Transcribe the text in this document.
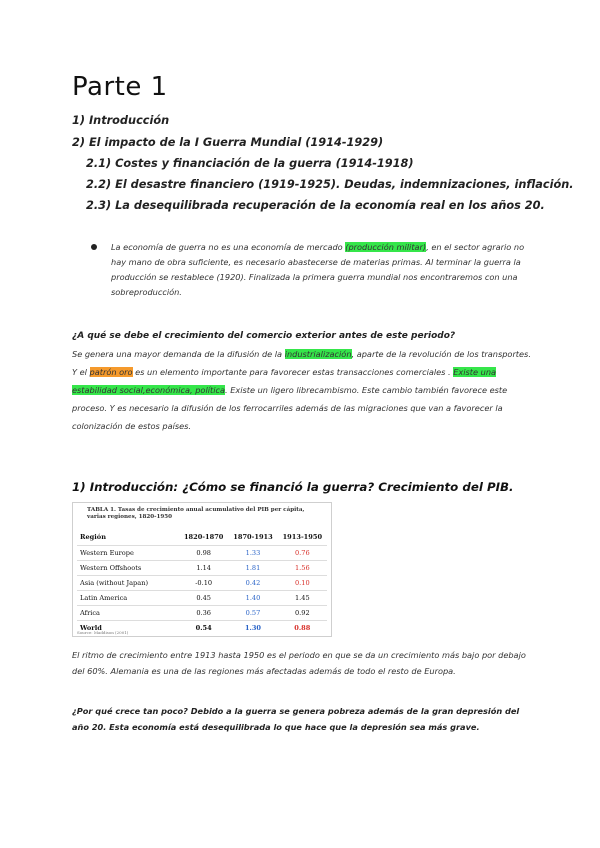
Parte 1
1) Introducción
2) El impacto de la I Guerra Mundial (1914-1929)
2.1) Costes y financiación de la guerra (1914-1918)
2.2) El desastre financiero (1919-1925). Deudas, indemnizaciones, inflación.
2.3) La desequilibrada recuperación de la economía real en los años 20.
La economía de guerra no es una economía de mercado (producción militar), en el sector agrario no hay mano de obra suficiente, es necesario abastecerse de materias primas. Al terminar la guerra la producción se restablece (1920). Finalizada la primera guerra mundial nos encontraremos con una sobreproducción.
¿A qué se debe el crecimiento del comercio exterior antes de este periodo?
Se genera una mayor demanda de la difusión de la industrialización, aparte de la revolución de los transportes. Y el patrón oro es un elemento importante para favorecer estas transacciones comerciales . Existe una estabilidad social,económica, política. Existe un ligero librecambismo. Este cambio también favorece este proceso. Y es necesario la difusión de los ferrocarriles además de las migraciones que van a favorecer la colonización de estos países.
1) Introducción: ¿Cómo se financió la guerra? Crecimiento del PIB.
TABLA 1. Tasas de crecimiento anual acumulativo del PIB per cápita, varias regiones, 1820-1950
Región	1820-1870	1870-1913	1913-1950
Western Europe	0.98	1.33	0.76
Western Offshoots	1.14	1.81	1.56
Asia (without Japan)	-0.10	0.42	0.10
Latin America	0.45	1.40	1.45
Africa	0.36	0.57	0.92
World	0.54	1.30	0.88
Source: Maddison (2001)
El ritmo de crecimiento entre 1913 hasta 1950 es el periodo en que se da un crecimiento más bajo por debajo del 60%. Alemania es una de las regiones más afectadas además de todo el resto de Europa.
¿Por qué crece tan poco? Debido a la guerra se genera pobreza además de la gran depresión del año 20. Esta economía está desequilibrada lo que hace que la depresión sea más grave.
